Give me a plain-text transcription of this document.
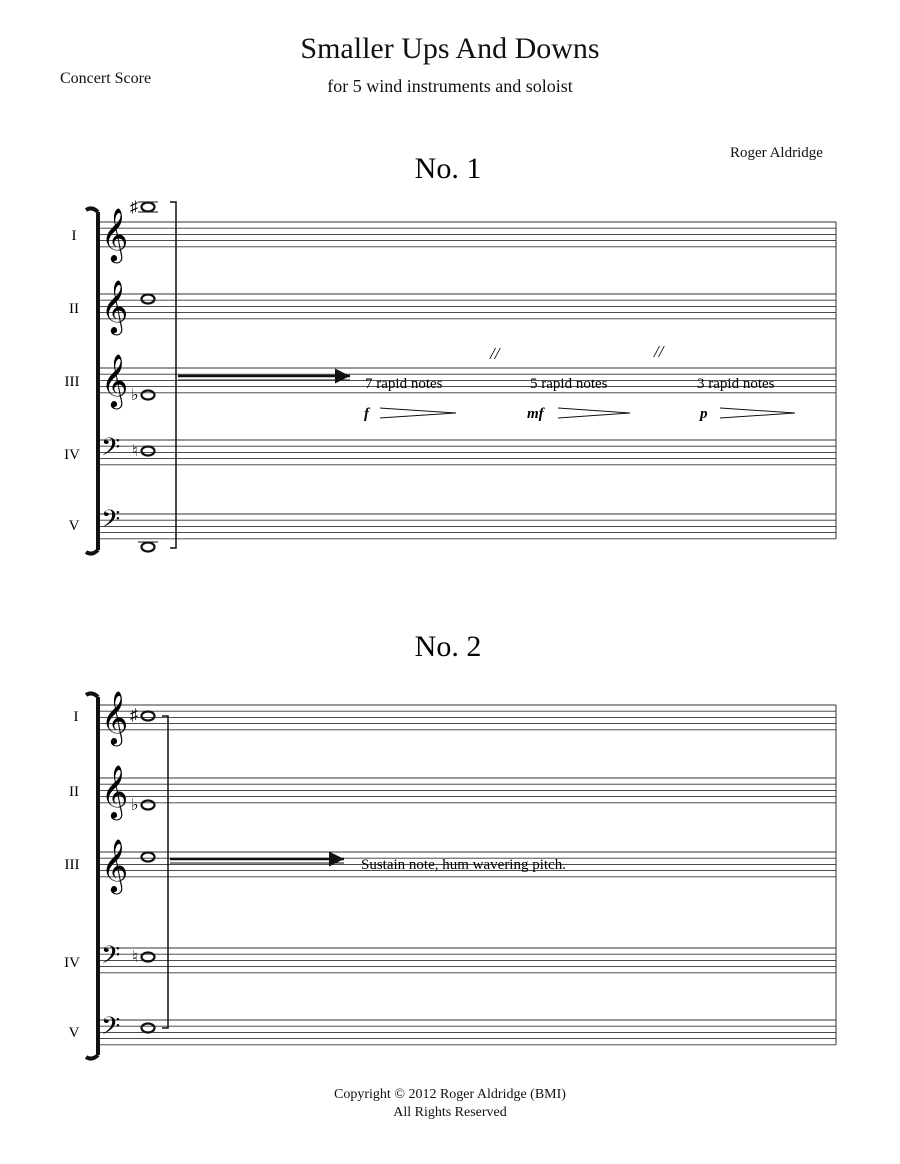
Smaller Ups And Downs
for 5 wind instruments and soloist
Concert Score
Roger Aldridge
No. 1
No. 2
I
II
III
IV
V
I
II
III
IV
V
𝄞
𝄞
𝄞
𝄢
𝄢
𝄞
𝄞
𝄞
𝄢
𝄢
♯
♭
♮
♯
♭
♮
7 rapid notes	5 rapid notes	3 rapid notes
//	//
f	mf	p
Sustain note, hum wavering pitch.
Copyright © 2012 Roger Aldridge (BMI)
All Rights Reserved
